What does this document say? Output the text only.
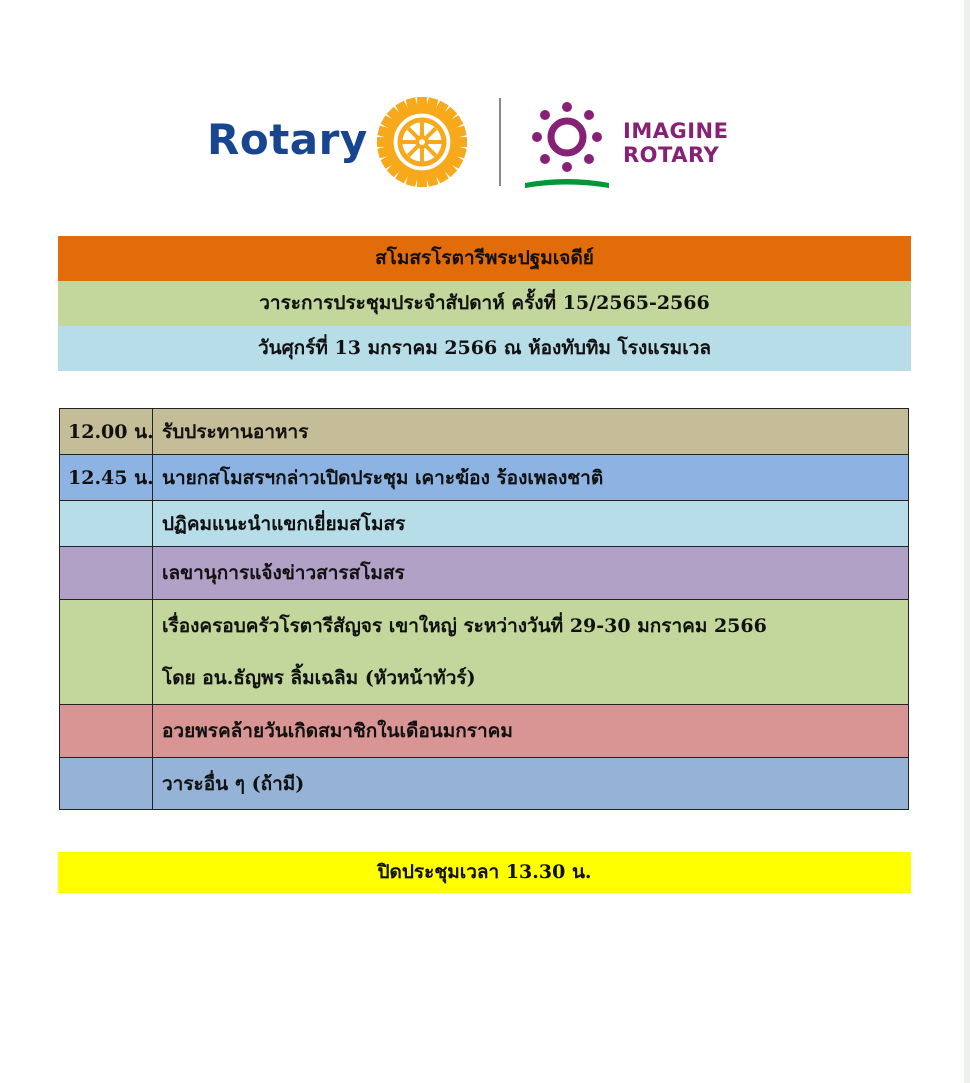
Rotary	IMAGINE
ROTARY
สโมสรโรตารีพระปฐมเจดีย์
วาระการประชุมประจำสัปดาห์ ครั้งที่ 15/2565-2566
วันศุกร์ที่ 13 มกราคม 2566 ณ ห้องทับทิม โรงแรมเวล
12.00 น.	รับประทานอาหาร

12.45 น.	นายกสโมสรฯกล่าวเปิดประชุม เคาะฆ้อง ร้องเพลงชาติ

	ปฏิคมแนะนำแขกเยี่ยมสโมสร

	เลขานุการแจ้งข่าวสารสโมสร

	เรื่องครอบครัวโรตารีสัญจร เขาใหญ่ ระหว่างวันที่ 29-30 มกราคม 2566
โดย อน.ธัญพร ลิ้มเฉลิม (หัวหน้าทัวร์)

	อวยพรคล้ายวันเกิดสมาชิกในเดือนมกราคม

	วาระอื่น ๆ (ถ้ามี)
ปิดประชุมเวลา 13.30 น.
